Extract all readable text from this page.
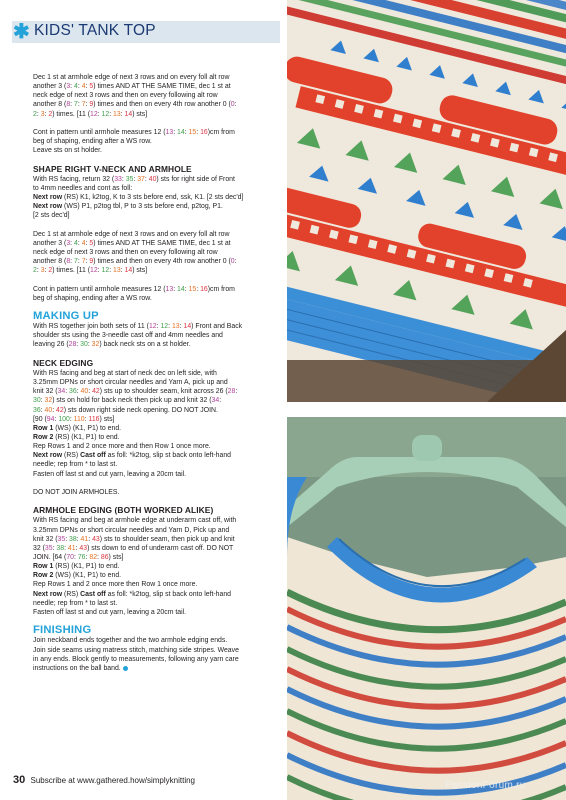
✱ KIDS' TANK TOP

Dec 1 st at armhole edge of next 3 rows and on every foll alt row
another 3 (3: 4: 4: 5) times AND AT THE SAME TIME, dec 1 st at
neck edge of next 3 rows and then on every following alt row
another 8 (8: 7: 7: 9) times and then on every 4th row another 0 (0:
2: 3: 2) times. [11 (12: 12: 13: 14) sts]

Cont in pattern until armhole measures 12 (13: 14: 15: 16)cm from
beg of shaping, ending after a WS row.
Leave sts on st holder.

SHAPE RIGHT V-NECK AND ARMHOLE

With RS facing, return 32 (33: 35: 37: 40) sts for right side of Front
to 4mm needles and cont as foll:
Next row (RS) K1, k2tog, K to 3 sts before end, ssk, K1. [2 sts dec'd]
Next row (WS) P1, p2tog tbl, P to 3 sts before end, p2tog, P1.
[2 sts dec'd]

Dec 1 st at armhole edge of next 3 rows and on every foll alt row
another 3 (3: 4: 4: 5) times AND AT THE SAME TIME, dec 1 st at
neck edge of next 3 rows and then on every following alt row
another 8 (8: 7: 7: 9) times and then on every 4th row another 0 (0:
2: 3: 2) times. [11 (12: 12: 13: 14) sts]

Cont in pattern until armhole measures 12 (13: 14: 15: 16)cm from
beg of shaping, ending after a WS row.

MAKING UP

With RS together join both sets of 11 (12: 12: 13: 14) Front and Back
shoulder sts using the 3-needle cast off and 4mm needles and
leaving 26 (28: 30: 32) back neck sts on a st holder.

NECK EDGING

With RS facing and beg at start of neck dec on left side, with
3.25mm DPNs or short circular needles and Yarn A, pick up and
knit 32 (34: 36: 40: 42) sts up to shoulder seam, knit across 26 (28:
30: 32) sts on hold for back neck then pick up and knit 32 (34:
36: 40: 42) sts down right side neck opening. DO NOT JOIN.
[90 (94: 100: 110: 116) sts]
Row 1 (WS) (K1, P1) to end.
Row 2 (RS) (K1, P1) to end.
Rep Rows 1 and 2 once more and then Row 1 once more.
Next row (RS) Cast off as foll: *k2tog, slip st back onto left-hand
needle; rep from * to last st.
Fasten off last st and cut yarn, leaving a 20cm tail.

DO NOT JOIN ARMHOLES.

ARMHOLE EDGING (BOTH WORKED ALIKE)

With RS facing and beg at armhole edge at underarm cast off, with
3.25mm DPNs or short circular needles and Yarn D, Pick up and
knit 32 (35: 38: 41: 43) sts to shoulder seam, then pick up and knit
32 (35: 38: 41: 43) sts down to end of underarm cast off. DO NOT
JOIN. [64 (70: 76: 82: 86) sts]
Row 1 (RS) (K1, P1) to end.
Row 2 (WS) (K1, P1) to end.
Rep Rows 1 and 2 once more then Row 1 once more.
Next row (RS) Cast off as foll: *k2tog, slip st back onto left-hand
needle; rep from * to last st.
Fasten off last st and cut yarn, leaving a 20cm tail.

FINISHING

Join neckband ends together and the two armhole edging ends.
Join side seams using matress stitch, matching side stripes. Weave
in any ends. Block gently to measurements, following any yarn care
instructions on the ball band.

30 Subscribe at www.gathered.how/simplyknitting	PassionForum.ru
